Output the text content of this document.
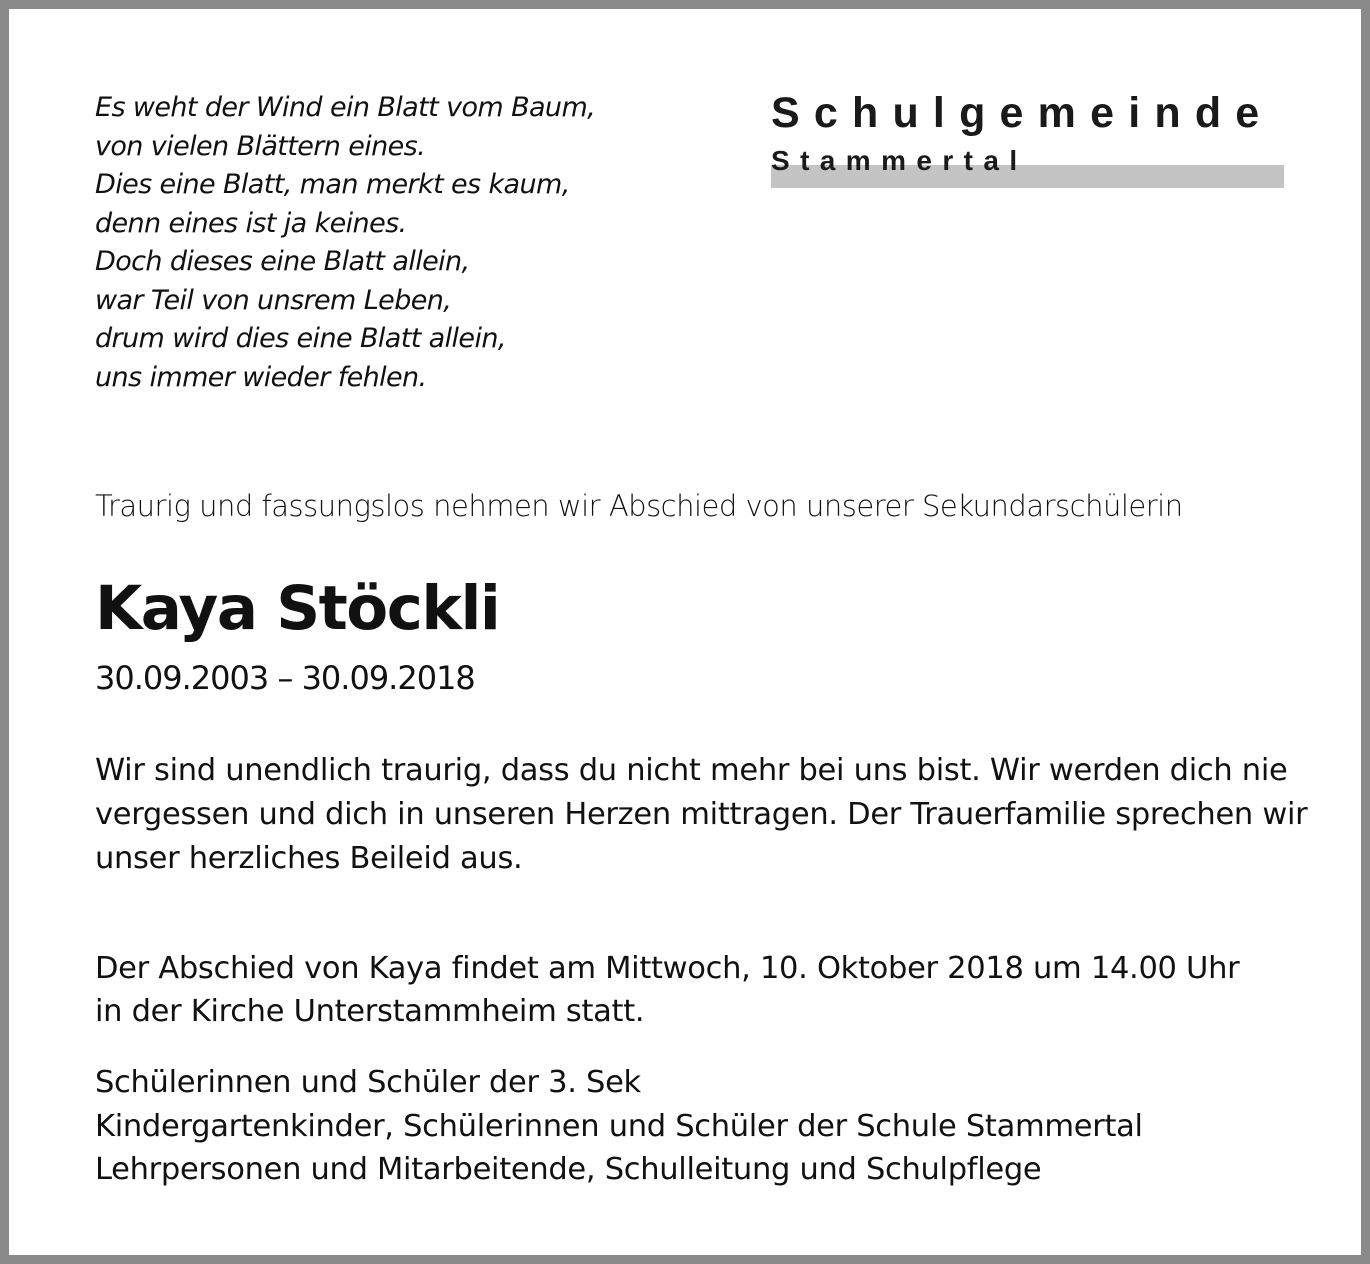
Es weht der Wind ein Blatt vom Baum,
von vielen Blättern eines.
Dies eine Blatt, man merkt es kaum,
denn eines ist ja keines.
Doch dieses eine Blatt allein,
war Teil von unsrem Leben,
drum wird dies eine Blatt allein,
uns immer wieder fehlen.
Schulgemeinde
Stammertal
Traurig und fassungslos nehmen wir Abschied von unserer Sekundarschülerin
Kaya Stöckli
30.09.2003 – 30.09.2018
Wir sind unendlich traurig, dass du nicht mehr bei uns bist. Wir werden dich nie
vergessen und dich in unseren Herzen mittragen. Der Trauerfamilie sprechen wir
unser herzliches Beileid aus.
Der Abschied von Kaya findet am Mittwoch, 10. Oktober 2018 um 14.00 Uhr
in der Kirche Unterstammheim statt.
Schülerinnen und Schüler der 3. Sek
Kindergartenkinder, Schülerinnen und Schüler der Schule Stammertal
Lehrpersonen und Mitarbeitende, Schulleitung und Schulpflege
